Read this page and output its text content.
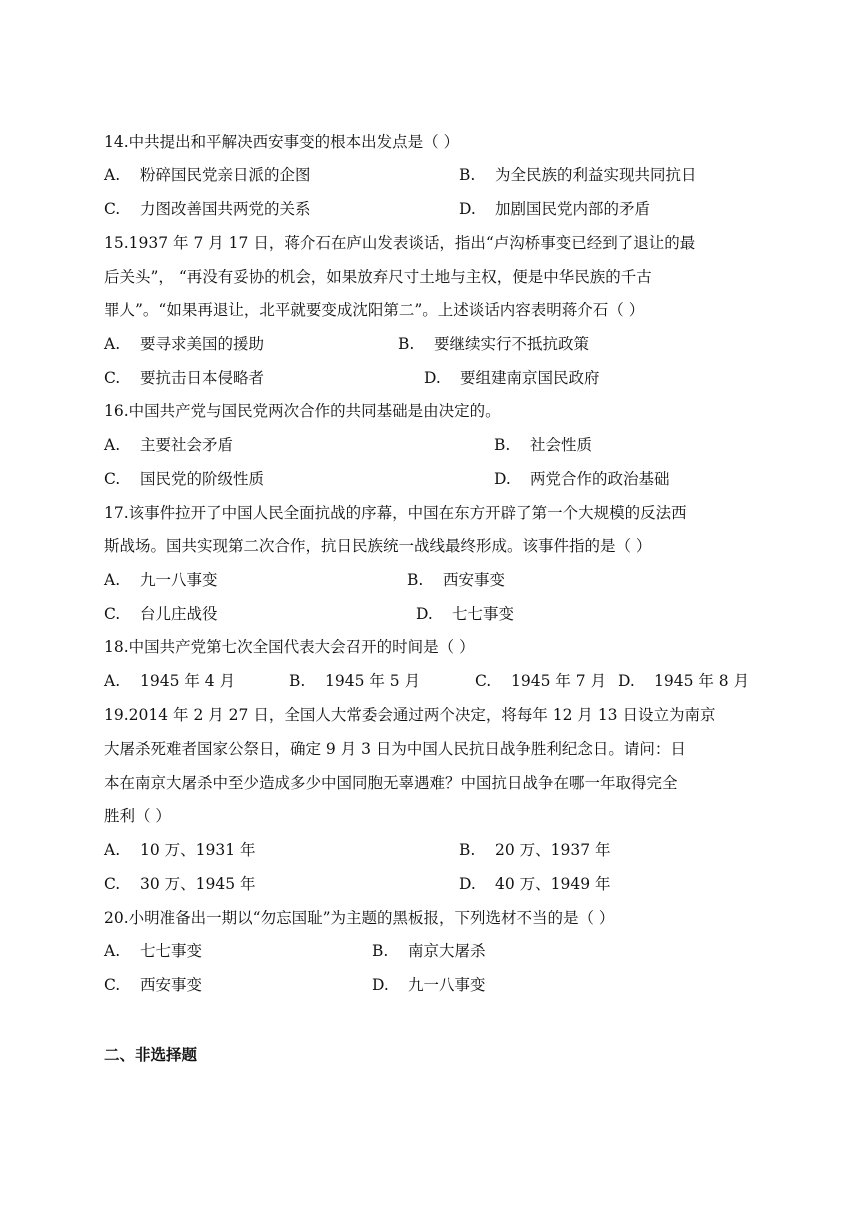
14.中共提出和平解决西安事变的根本出发点是（ ）
A. 粉碎国民党亲日派的企图	B. 为全民族的利益实现共同抗日
C. 力图改善国共两党的关系	D. 加剧国民党内部的矛盾
15.1937 年 7 月 17 日，蒋介石在庐山发表谈话，指出“卢沟桥事变已经到了退让的最
后关头”， “再没有妥协的机会，如果放弃尺寸土地与主权，便是中华民族的千古
罪人”。“如果再退让，北平就要变成沈阳第二”。上述谈话内容表明蒋介石（ ）
A. 要寻求美国的援助	B. 要继续实行不抵抗政策
C. 要抗击日本侵略者	D. 要组建南京国民政府
16.中国共产党与国民党两次合作的共同基础是由决定的。
A. 主要社会矛盾	B. 社会性质
C. 国民党的阶级性质	D. 两党合作的政治基础
17.该事件拉开了中国人民全面抗战的序幕，中国在东方开辟了第一个大规模的反法西
斯战场。国共实现第二次合作，抗日民族统一战线最终形成。该事件指的是（ ）
A. 九一八事变	B. 西安事变
C. 台儿庄战役	D. 七七事变
18.中国共产党第七次全国代表大会召开的时间是（ ）
A. 1945 年 4 月	B. 1945 年 5 月	C. 1945 年 7 月 D. 1945 年 8 月
19.2014 年 2 月 27 日，全国人大常委会通过两个决定，将每年 12 月 13 日设立为南京
大屠杀死难者国家公祭日，确定 9 月 3 日为中国人民抗日战争胜利纪念日。请问：日
本在南京大屠杀中至少造成多少中国同胞无辜遇难？中国抗日战争在哪一年取得完全
胜利（ ）
A. 10 万、1931 年	B. 20 万、1937 年
C. 30 万、1945 年	D. 40 万、1949 年
20.小明准备出一期以“勿忘国耻”为主题的黑板报，下列选材不当的是（ ）
A. 七七事变	B. 南京大屠杀
C. 西安事变	D. 九一八事变
二、非选择题
